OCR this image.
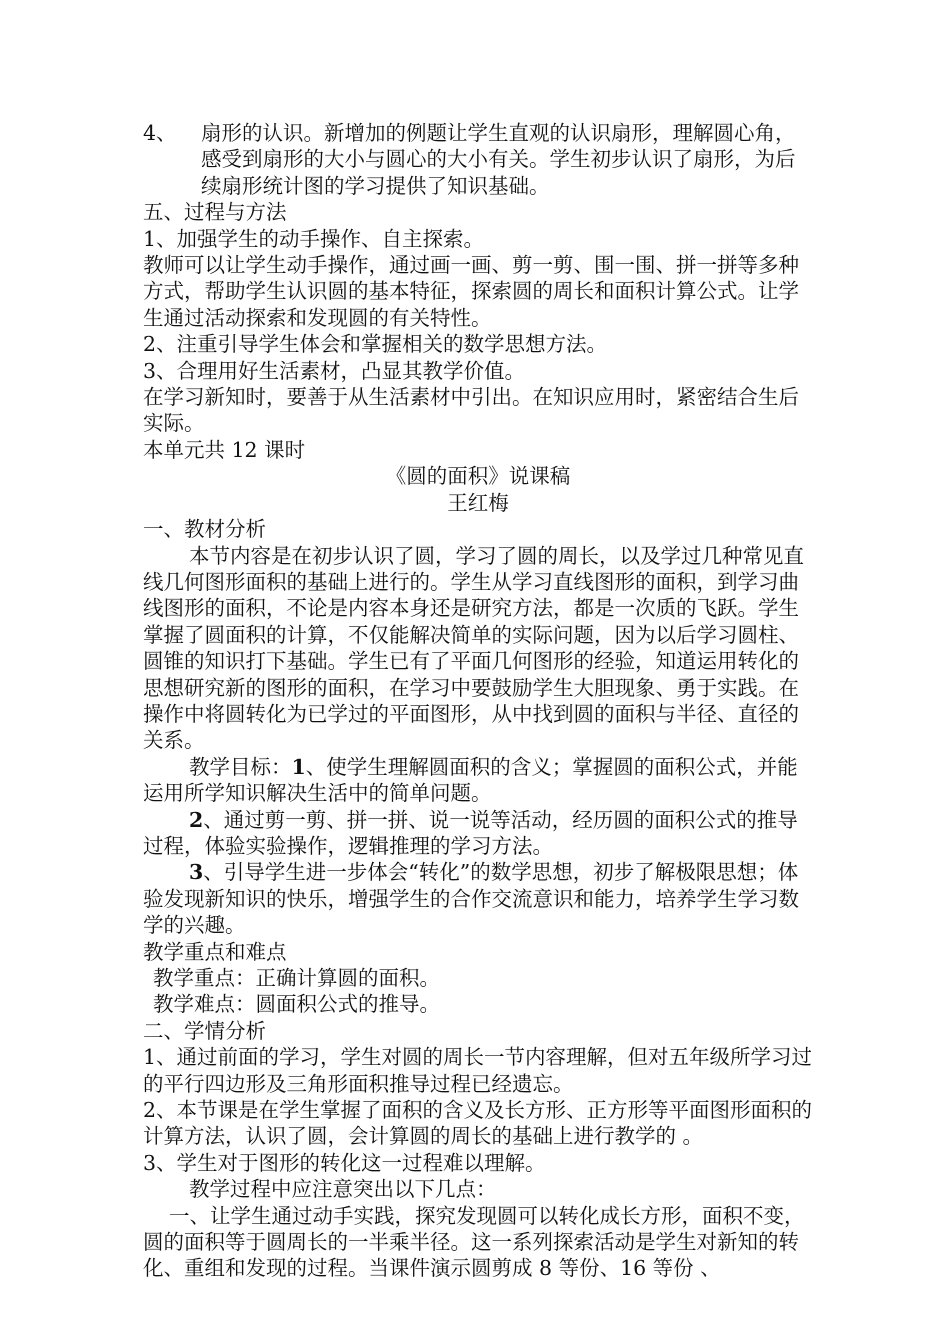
4、	扇形的认识。新增加的例题让学生直观的认识扇形，理解圆心角，感受到扇形的大小与圆心的大小有关。学生初步认识了扇形，为后续扇形统计图的学习提供了知识基础。

五、过程与方法

1、加强学生的动手操作、自主探索。

教师可以让学生动手操作，通过画一画、剪一剪、围一围、拼一拼等多种方式，帮助学生认识圆的基本特征，探索圆的周长和面积计算公式。让学生通过活动探索和发现圆的有关特性。

2、注重引导学生体会和掌握相关的数学思想方法。

3、合理用好生活素材，凸显其教学价值。

在学习新知时，要善于从生活素材中引出。在知识应用时，紧密结合生后实际。

本单元共 12 课时

《圆的面积》说课稿

王红梅

一、教材分析

本节内容是在初步认识了圆，学习了圆的周长，以及学过几种常见直线几何图形面积的基础上进行的。学生从学习直线图形的面积，到学习曲线图形的面积，不论是内容本身还是研究方法，都是一次质的飞跃。学生掌握了圆面积的计算，不仅能解决简单的实际问题，因为以后学习圆柱、圆锥的知识打下基础。学生已有了平面几何图形的经验，知道运用转化的思想研究新的图形的面积，在学习中要鼓励学生大胆现象、勇于实践。在操作中将圆转化为已学过的平面图形，从中找到圆的面积与半径、直径的关系。

教学目标：1、使学生理解圆面积的含义；掌握圆的面积公式，并能运用所学知识解决生活中的简单问题。

2、通过剪一剪、拼一拼、说一说等活动，经历圆的面积公式的推导过程，体验实验操作，逻辑推理的学习方法。

3、引导学生进一步体会“转化”的数学思想，初步了解极限思想；体验发现新知识的快乐，增强学生的合作交流意识和能力，培养学生学习数学的兴趣。

教学重点和难点

教学重点：正确计算圆的面积。

教学难点：圆面积公式的推导。

二、学情分析

1、通过前面的学习，学生对圆的周长一节内容理解，但对五年级所学习过的平行四边形及三角形面积推导过程已经遗忘。

2、本节课是在学生掌握了面积的含义及长方形、正方形等平面图形面积的计算方法，认识了圆，会计算圆的周长的基础上进行教学的 。

3、学生对于图形的转化这一过程难以理解。

教学过程中应注意突出以下几点：

一、让学生通过动手实践，探究发现圆可以转化成长方形，面积不变，圆的面积等于圆周长的一半乘半径。这一系列探索活动是学生对新知的转化、重组和发现的过程。当课件演示圆剪成 8 等份、16 等份 、
